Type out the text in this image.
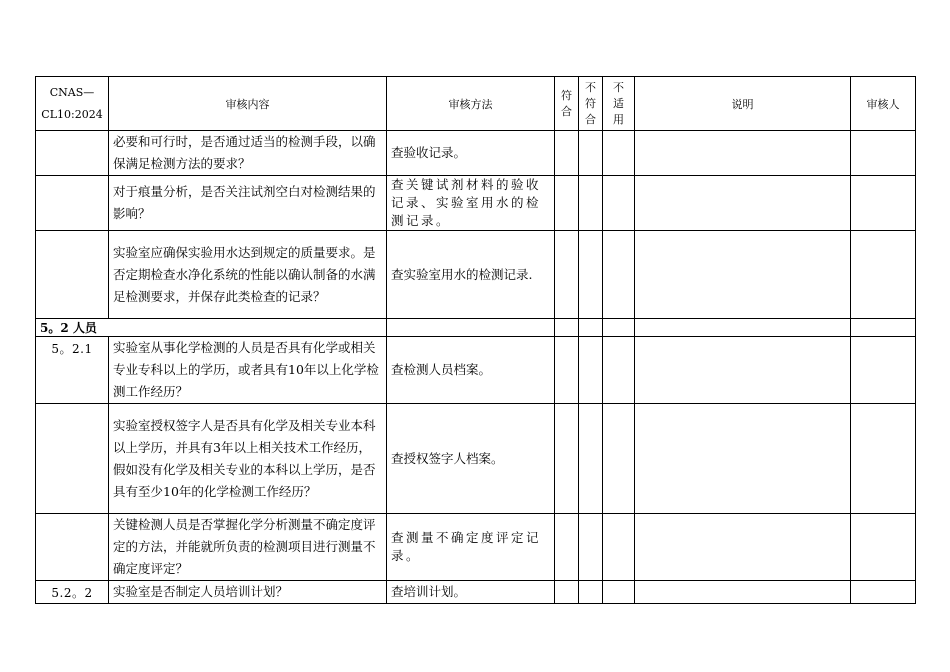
CNAS—
CL10:2024	审核内容	审核方法	符合	不符合	不适用	说明	审核人
	必要和可行时，是否通过适当的检测手段，以确保满足检测方法的要求？	查验收记录。					
	对于痕量分析，是否关注试剂空白对检测结果的影响？	查关键试剂材料的验收记录、实验室用水的检测记录。					
	实验室应确保实验用水达到规定的质量要求。是否定期检查水净化系统的性能以确认制备的水满足检测要求，并保存此类检查的记录？	查实验室用水的检测记录.					
5。2 人员							
5。2.1	实验室从事化学检测的人员是否具有化学或相关专业专科以上的学历，或者具有10年以上化学检测工作经历？	查检测人员档案。					
	实验室授权签字人是否具有化学及相关专业本科以上学历，并具有3年以上相关技术工作经历，假如没有化学及相关专业的本科以上学历，是否具有至少10年的化学检测工作经历？	查授权签字人档案。					
	关键检测人员是否掌握化学分析测量不确定度评定的方法，并能就所负责的检测项目进行测量不确定度评定？	查测量不确定度评定记录。					
5.2。2	实验室是否制定人员培训计划？	查培训计划。					
